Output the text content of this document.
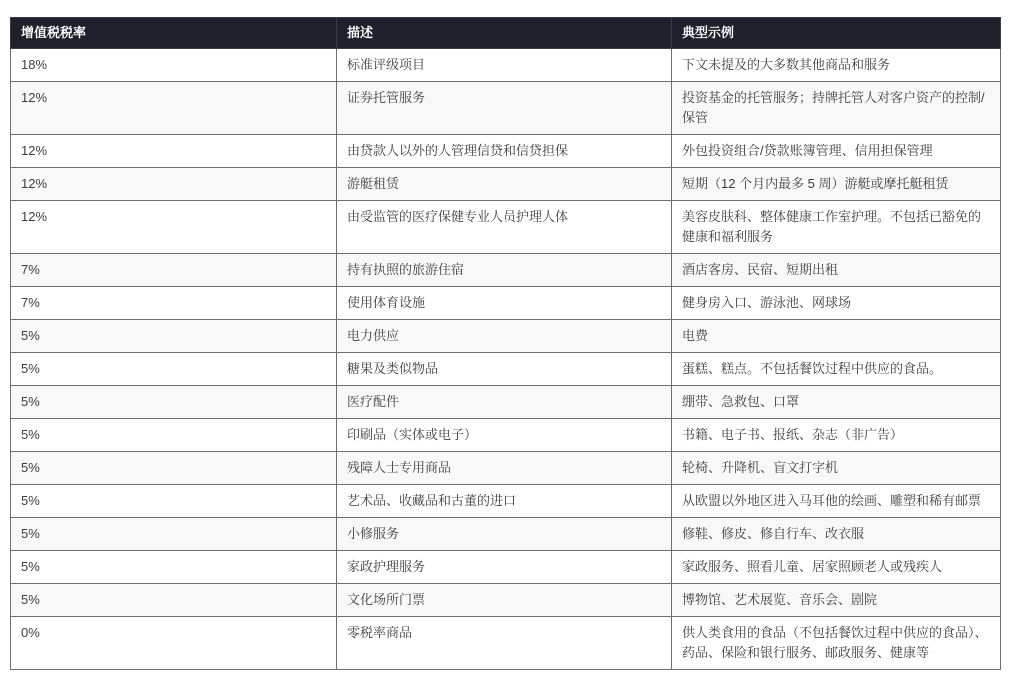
增值税税率	描述	典型示例
18%	标准评级项目	下文未提及的大多数其他商品和服务
12%	证券托管服务	投资基金的托管服务；持牌托管人对客户资产的控制/保管
12%	由贷款人以外的人管理信贷和信贷担保	外包投资组合/贷款账簿管理、信用担保管理
12%	游艇租赁	短期（12 个月内最多 5 周）游艇或摩托艇租赁
12%	由受监管的医疗保健专业人员护理人体	美容皮肤科、整体健康工作室护理。不包括已豁免的健康和福利服务
7%	持有执照的旅游住宿	酒店客房、民宿、短期出租
7%	使用体育设施	健身房入口、游泳池、网球场
5%	电力供应	电费
5%	糖果及类似物品	蛋糕、糕点。不包括餐饮过程中供应的食品。
5%	医疗配件	绷带、急救包、口罩
5%	印刷品（实体或电子）	书籍、电子书、报纸、杂志（非广告）
5%	残障人士专用商品	轮椅、升降机、盲文打字机
5%	艺术品、收藏品和古董的进口	从欧盟以外地区进入马耳他的绘画、雕塑和稀有邮票
5%	小修服务	修鞋、修皮、修自行车、改衣服
5%	家政护理服务	家政服务、照看儿童、居家照顾老人或残疾人
5%	文化场所门票	博物馆、艺术展览、音乐会、剧院
0%	零税率商品	供人类食用的食品（不包括餐饮过程中供应的食品）、药品、保险和银行服务、邮政服务、健康等
